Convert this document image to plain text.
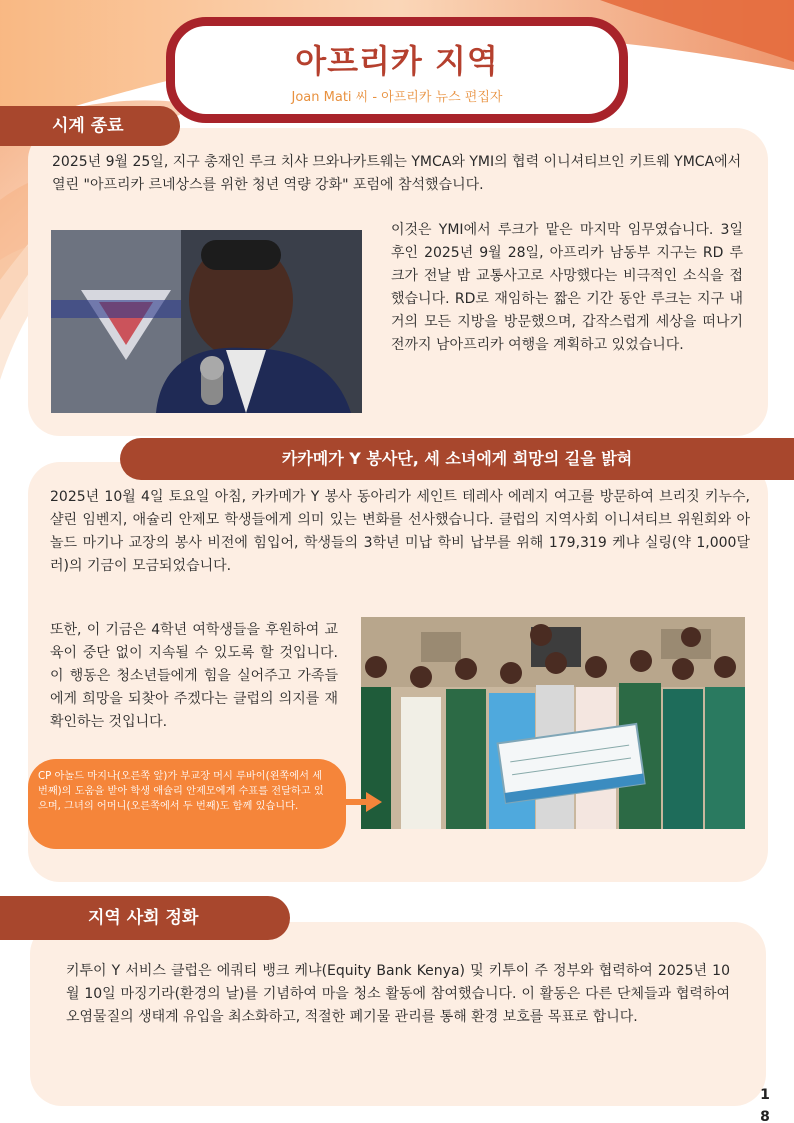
아프리카 지역
Joan Mati 씨 - 아프리카 뉴스 편집자
시계 종료
2025년 9월 25일, 지구 총재인 루크 치샤 므와나카트웨는 YMCA와 YMI의 협력 이니셔티브인 키트웨 YMCA에서 열린 "아프리카 르네상스를 위한 청년 역량 강화" 포럼에 참석했습니다.
이것은 YMI에서 루크가 맡은 마지막 임무였습니다. 3일 후인 2025년 9월 28일, 아프리카 남동부 지구는 RD 루크가 전날 밤 교통사고로 사망했다는 비극적인 소식을 접했습니다. RD로 재임하는 짧은 기간 동안 루크는 지구 내 거의 모든 지방을 방문했으며, 갑작스럽게 세상을 떠나기 전까지 남아프리카 여행을 계획하고 있었습니다.
카카메가 Y 봉사단, 세 소녀에게 희망의 길을 밝혀
2025년 10월 4일 토요일 아침, 카카메가 Y 봉사 동아리가 세인트 테레사 에레지 여고를 방문하여 브리짓 키누수, 샬린 임벤지, 애슐리 안제모 학생들에게 의미 있는 변화를 선사했습니다. 클럽의 지역사회 이니셔티브 위원회와 아놀드 마기나 교장의 봉사 비전에 힘입어, 학생들의 3학년 미납 학비 납부를 위해 179,319 케냐 실링(약 1,000달러)의 기금이 모금되었습니다.
또한, 이 기금은 4학년 여학생들을 후원하여 교육이 중단 없이 지속될 수 있도록 할 것입니다. 이 행동은 청소년들에게 힘을 실어주고 가족들에게 희망을 되찾아 주겠다는 클럽의 의지를 재확인하는 것입니다.
CP 아놀드 마지나(오른쪽 앞)가 부교장 머시 루바이(왼쪽에서 세 번째)의 도움을 받아 학생 애슐리 안제모에게 수표를 전달하고 있으며, 그녀의 어머니(오른쪽에서 두 번째)도 함께 있습니다.
지역 사회 정화
키투이 Y 서비스 클럽은 에쿼티 뱅크 케냐(Equity Bank Kenya) 및 키투이 주 정부와 협력하여 2025년 10월 10일 마징기라(환경의 날)를 기념하여 마을 청소 활동에 참여했습니다. 이 활동은 다른 단체들과 협력하여 오염물질의 생태계 유입을 최소화하고, 적절한 폐기물 관리를 통해 환경 보호를 목표로 합니다.
18
